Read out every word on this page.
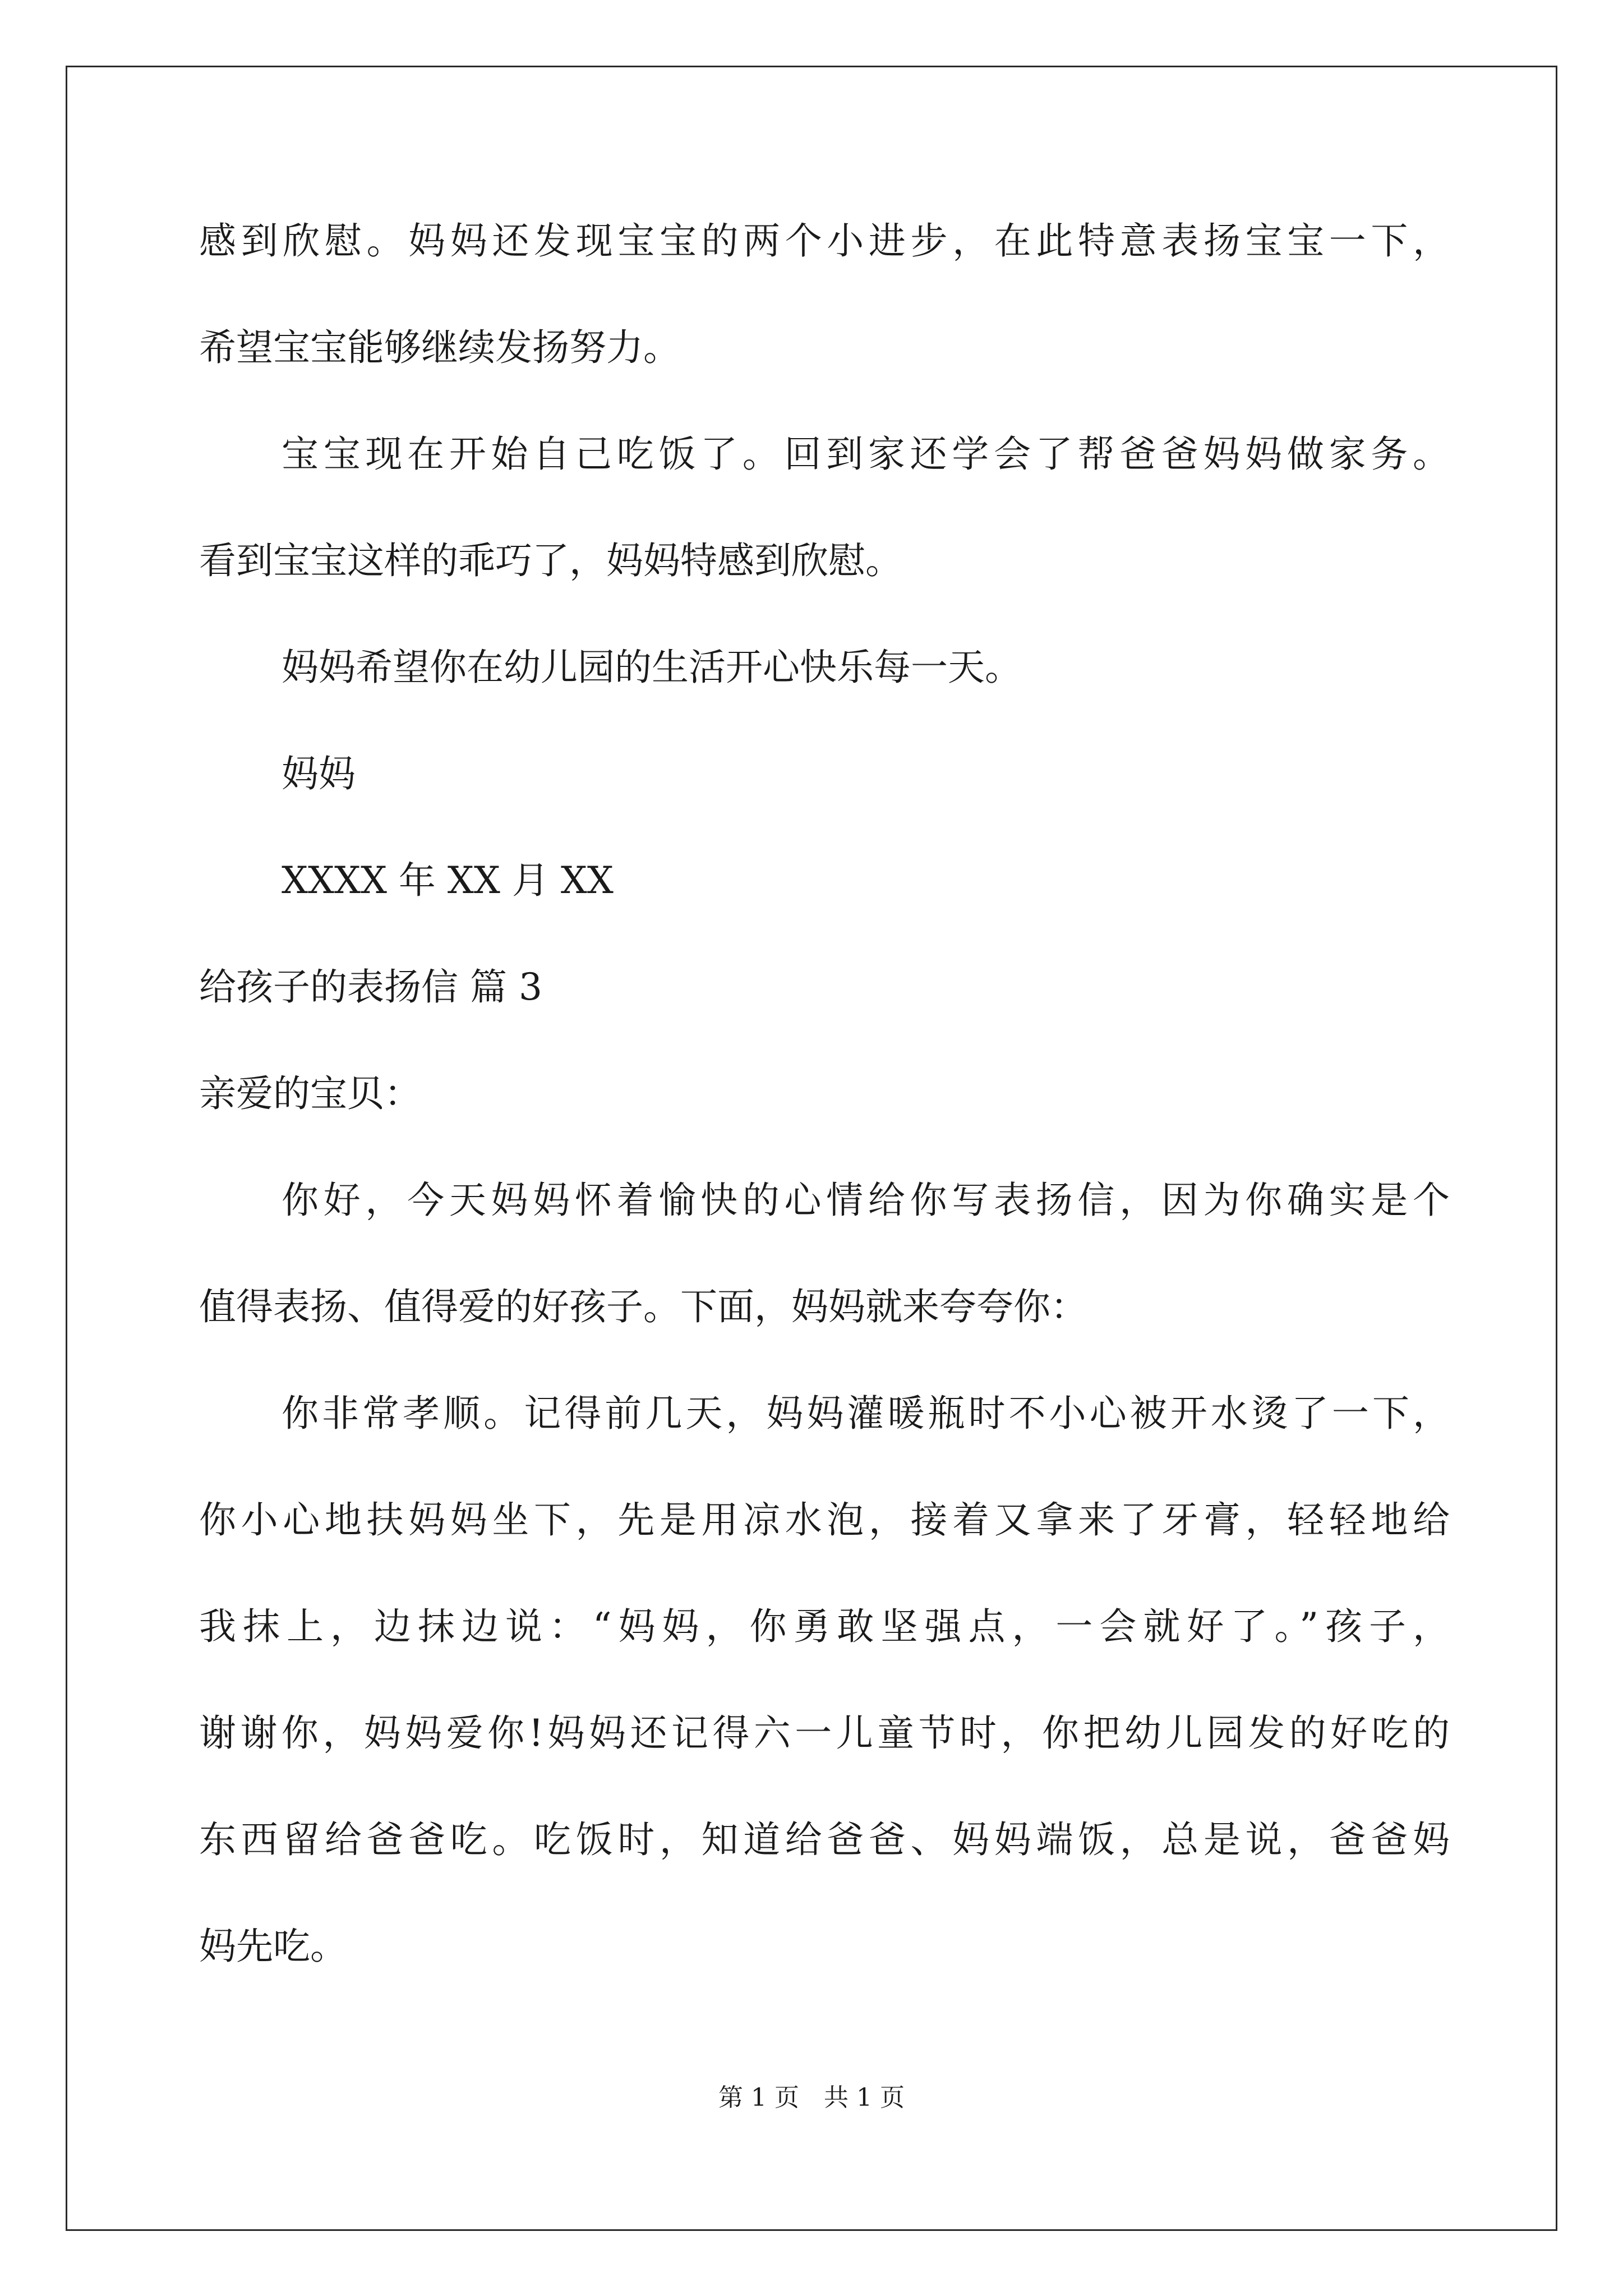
感到欣慰。妈妈还发现宝宝的两个小进步，在此特意表扬宝宝一下，
希望宝宝能够继续发扬努力。
宝宝现在开始自己吃饭了。回到家还学会了帮爸爸妈妈做家务。
看到宝宝这样的乖巧了，妈妈特感到欣慰。
妈妈希望你在幼儿园的生活开心快乐每一天。
妈妈
XXXX 年 XX 月 XX
给孩子的表扬信 篇 3
亲爱的宝贝：
你好，今天妈妈怀着愉快的心情给你写表扬信，因为你确实是个
值得表扬、值得爱的好孩子。下面，妈妈就来夸夸你：
你非常孝顺。记得前几天，妈妈灌暖瓶时不小心被开水烫了一下，
你小心地扶妈妈坐下，先是用凉水泡，接着又拿来了牙膏，轻轻地给
我抹上，边抹边说：“妈妈，你勇敢坚强点，一会就好了。”孩子，
谢谢你，妈妈爱你!妈妈还记得六一儿童节时，你把幼儿园发的好吃的
东西留给爸爸吃。吃饭时，知道给爸爸、妈妈端饭，总是说，爸爸妈
妈先吃。
第 1 页　共 1 页
